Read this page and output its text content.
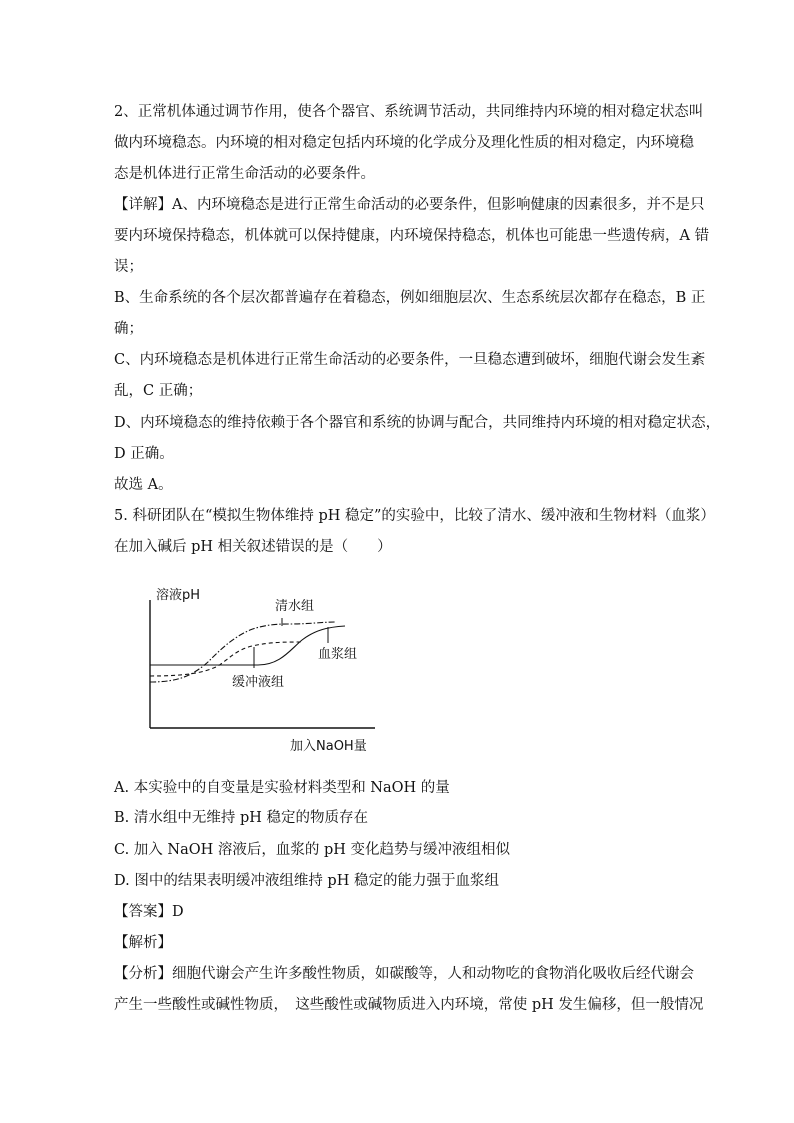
2、正常机体通过调节作用，使各个器官、系统调节活动，共同维持内环境的相对稳定状态叫
做内环境稳态。内环境的相对稳定包括内环境的化学成分及理化性质的相对稳定，内环境稳
态是机体进行正常生命活动的必要条件。
【详解】A、内环境稳态是进行正常生命活动的必要条件，但影响健康的因素很多，并不是只
要内环境保持稳态，机体就可以保持健康，内环境保持稳态，机体也可能患一些遗传病，A 错
误；
B、生命系统的各个层次都普遍存在着稳态，例如细胞层次、生态系统层次都存在稳态，B 正
确；
C、内环境稳态是机体进行正常生命活动的必要条件，一旦稳态遭到破坏，细胞代谢会发生紊
乱，C 正确；
D、内环境稳态的维持依赖于各个器官和系统的协调与配合，共同维持内环境的相对稳定状态，
D 正确。
故选 A。
5. 科研团队在“模拟生物体维持 pH 稳定”的实验中，比较了清水、缓冲液和生物材料（血浆）
在加入碱后 pH 相关叙述错误的是（　　）
溶液pH
加入NaOH量
清水组
血浆组
缓冲液组
A. 本实验中的自变量是实验材料类型和 NaOH 的量
B. 清水组中无维持 pH 稳定的物质存在
C. 加入 NaOH 溶液后，血浆的 pH 变化趋势与缓冲液组相似
D. 图中的结果表明缓冲液组维持 pH 稳定的能力强于血浆组
【答案】D
【解析】
【分析】细胞代谢会产生许多酸性物质，如碳酸等，人和动物吃的食物消化吸收后经代谢会
产生一些酸性或碱性物质，　这些酸性或碱物质进入内环境，常使 pH 发生偏移，但一般情况
